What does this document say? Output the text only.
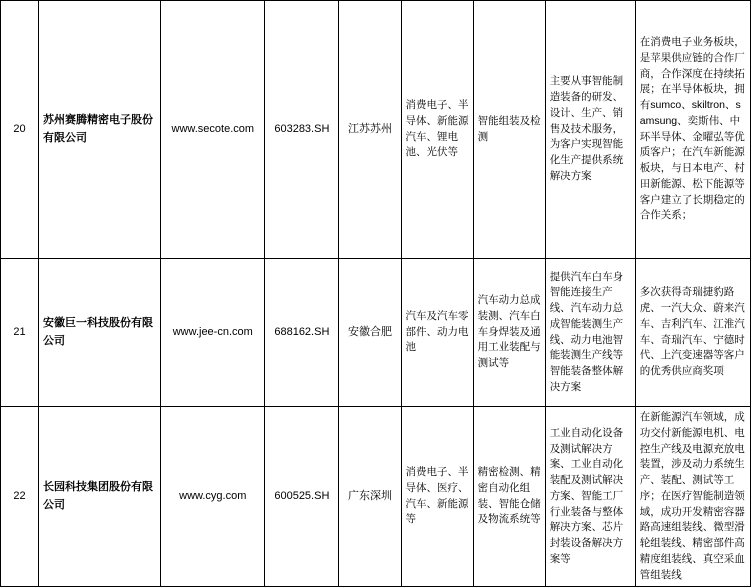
20	苏州赛腾精密电子股份有限公司	www.secote.com	603283.SH	江苏苏州	消费电子、半导体、新能源汽车、锂电池、光伏等	智能组装及检测	主要从事智能制造装备的研发、设计、生产、销售及技术服务，为客户实现智能化生产提供系统解决方案	在消费电子业务板块，是苹果供应链的合作厂商，合作深度在持续拓展；在半导体板块，拥有sumco、skiltron、samsung、奕斯伟、中环半导体、金曜弘等优质客户；在汽车新能源板块，与日本电产、村田新能源、松下能源等客户建立了长期稳定的合作关系；
21	安徽巨一科技股份有限公司	www.jee-cn.com	688162.SH	安徽合肥	汽车及汽车零部件、动力电池	汽车动力总成装测、汽车白车身焊装及通用工业装配与测试等	提供汽车白车身智能连接生产线、汽车动力总成智能装测生产线、动力电池智能装测生产线等智能装备整体解决方案	多次获得奇瑞捷豹路虎、一汽大众、蔚来汽车、吉利汽车、江淮汽车、奇瑞汽车、宁德时代、上汽变速器等客户的优秀供应商奖项
22	长园科技集团股份有限公司	www.cyg.com	600525.SH	广东深圳	消费电子、半导体、医疗、汽车、新能源等	精密检测、精密自动化组装、智能仓储及物流系统等	工业自动化设备及测试解决方案、工业自动化装配及测试解决方案、智能工厂行业装备与整体解决方案、芯片封装设备解决方案等	在新能源汽车领域，成功交付新能源电机、电控生产线及电源充放电装置，涉及动力系统生产、装配、测试等工序；在医疗智能制造领域，成功开发精密容器路高速组装线、微型滑轮组装线、精密部件高精度组装线、真空采血管组装线
